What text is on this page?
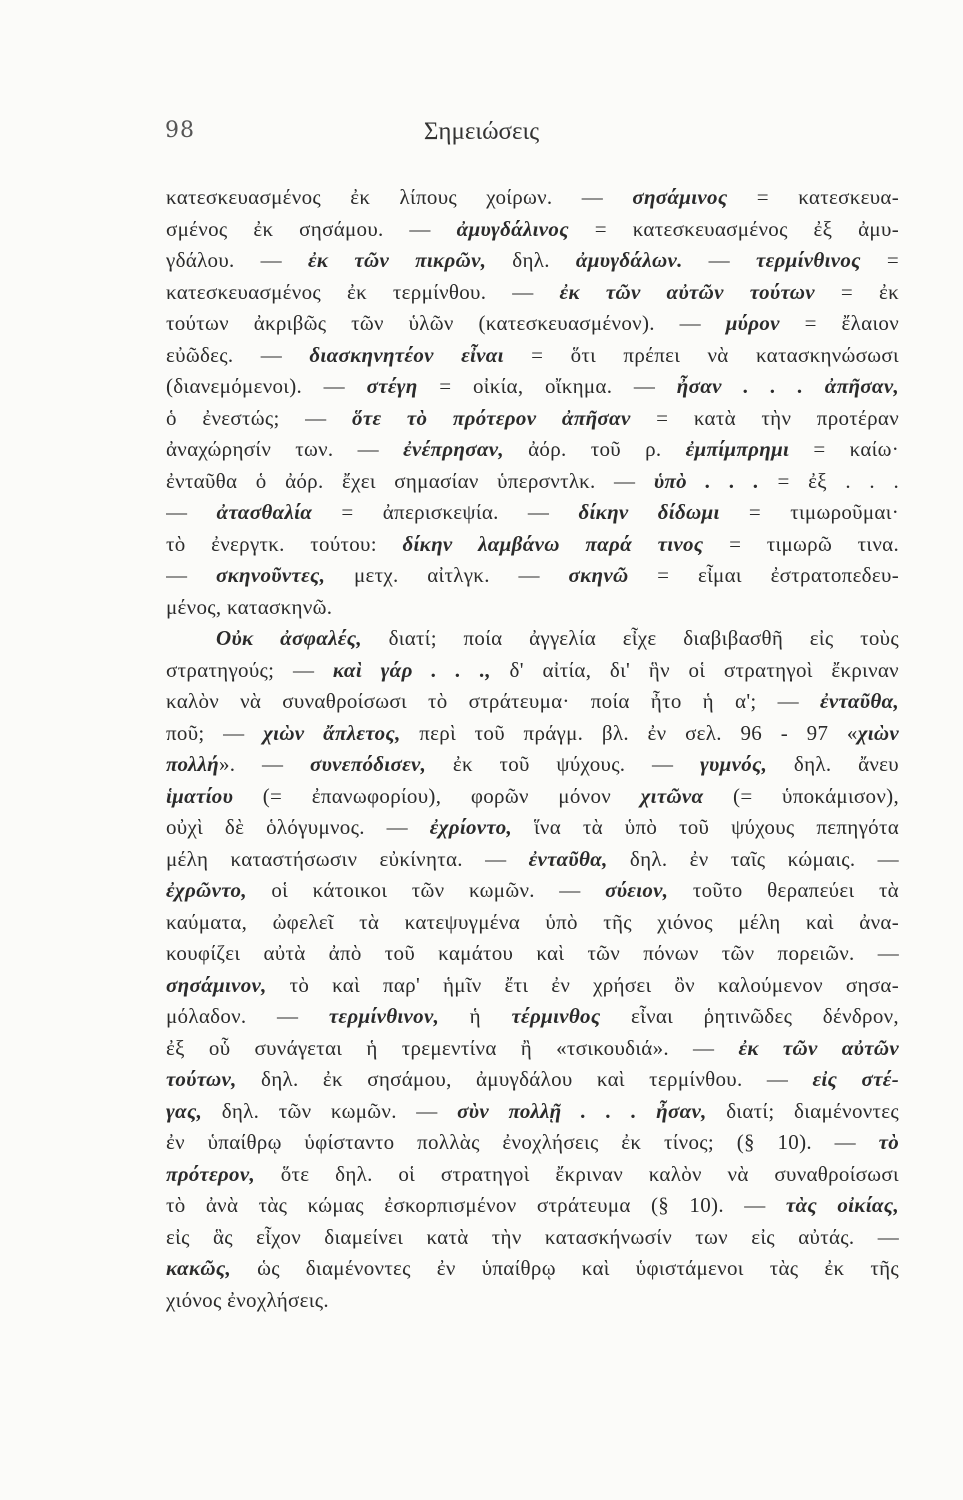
98	Σημειώσεις
κατεσκευασμένος ἐκ λίπους χοίρων. — σησάμινος = κατεσκευα-
σμένος ἐκ σησάμου. — ἀμυγδάλινος = κατεσκευασμένος ἐξ ἀμυ-
γδάλου. — ἐκ τῶν πικρῶν, δηλ. ἀμυγδάλων. — τερμίνθινος =
κατεσκευασμένος ἐκ τερμίνθου. — ἐκ τῶν αὐτῶν τούτων = ἐκ
τούτων ἀκριβῶς τῶν ὑλῶν (κατεσκευασμένον). — μύρον = ἔλαιον
εὐῶδες. — διασκηνητέον εἶναι = ὅτι πρέπει νὰ κατασκηνώσωσι
(διανεμόμενοι). — στέγη = οἰκία, οἴκημα. — ἦσαν . . . ἀπῆσαν,
ὁ ἐνεστώς; — ὅτε τὸ πρότερον ἀπῆσαν = κατὰ τὴν προτέραν
ἀναχώρησίν των. — ἐνέπρησαν, ἀόρ. τοῦ ρ. ἐμπίμπρημι = καίω·
ἐνταῦθα ὁ ἀόρ. ἔχει σημασίαν ὑπερσντλκ. — ὑπὸ . . . = ἐξ . . .
— ἀτασθαλία = ἀπερισκεψία. — δίκην δίδωμι = τιμωροῦμαι·
τὸ ἐνεργτκ. τούτου: δίκην λαμβάνω παρά τινος = τιμωρῶ τινα.
— σκηνοῦντες, μετχ. αἰτλγκ. — σκηνῶ = εἶμαι ἐστρατοπεδευ-
μένος, κατασκηνῶ.
Οὐκ ἀσφαλές, διατί; ποία ἀγγελία εἶχε διαβιβασθῆ εἰς τοὺς
στρατηγούς; — καὶ γάρ . . ., δ' αἰτία, δι' ἣν οἱ στρατηγοὶ ἔκριναν
καλὸν νὰ συναθροίσωσι τὸ στράτευμα· ποία ἦτο ἡ α'; — ἐνταῦθα,
ποῦ; — χιὼν ἄπλετος, περὶ τοῦ πράγμ. βλ. ἐν σελ. 96 - 97 «χιὼν
πολλή». — συνεπόδισεν, ἐκ τοῦ ψύχους. — γυμνός, δηλ. ἄνευ
ἱματίου (= ἐπανωφορίου), φορῶν μόνον χιτῶνα (= ὑποκάμισον),
οὐχὶ δὲ ὁλόγυμνος. — ἐχρίοντο, ἵνα τὰ ὑπὸ τοῦ ψύχους πεπηγότα
μέλη καταστήσωσιν εὐκίνητα. — ἐνταῦθα, δηλ. ἐν ταῖς κώμαις. —
ἐχρῶντο, οἱ κάτοικοι τῶν κωμῶν. — σύειον, τοῦτο θεραπεύει τὰ
καύματα, ὠφελεῖ τὰ κατεψυγμένα ὑπὸ τῆς χιόνος μέλη καὶ ἀνα-
κουφίζει αὐτὰ ἀπὸ τοῦ καμάτου καὶ τῶν πόνων τῶν πορειῶν. —
σησάμινον, τὸ καὶ παρ' ἡμῖν ἔτι ἐν χρήσει ὂν καλούμενον σησα-
μόλαδον. — τερμίνθινον, ἡ τέρμινθος εἶναι ῥητινῶδες δένδρον,
ἐξ οὗ συνάγεται ἡ τρεμεντίνα ἢ «τσικουδιά». — ἐκ τῶν αὐτῶν
τούτων, δηλ. ἐκ σησάμου, ἀμυγδάλου καὶ τερμίνθου. — εἰς στέ-
γας, δηλ. τῶν κωμῶν. — σὺν πολλῇ . . . ἦσαν, διατί; διαμένοντες
ἐν ὑπαίθρῳ ὑφίσταντο πολλὰς ἐνοχλήσεις ἐκ τίνος; (§ 10). — τὸ
πρότερον, ὅτε δηλ. οἱ στρατηγοὶ ἔκριναν καλὸν νὰ συναθροίσωσι
τὸ ἀνὰ τὰς κώμας ἐσκορπισμένον στράτευμα (§ 10). — τὰς οἰκίας,
εἰς ἃς εἶχον διαμείνει κατὰ τὴν κατασκήνωσίν των εἰς αὐτάς. —
κακῶς, ὡς διαμένοντες ἐν ὑπαίθρῳ καὶ ὑφιστάμενοι τὰς ἐκ τῆς
χιόνος ἐνοχλήσεις.
